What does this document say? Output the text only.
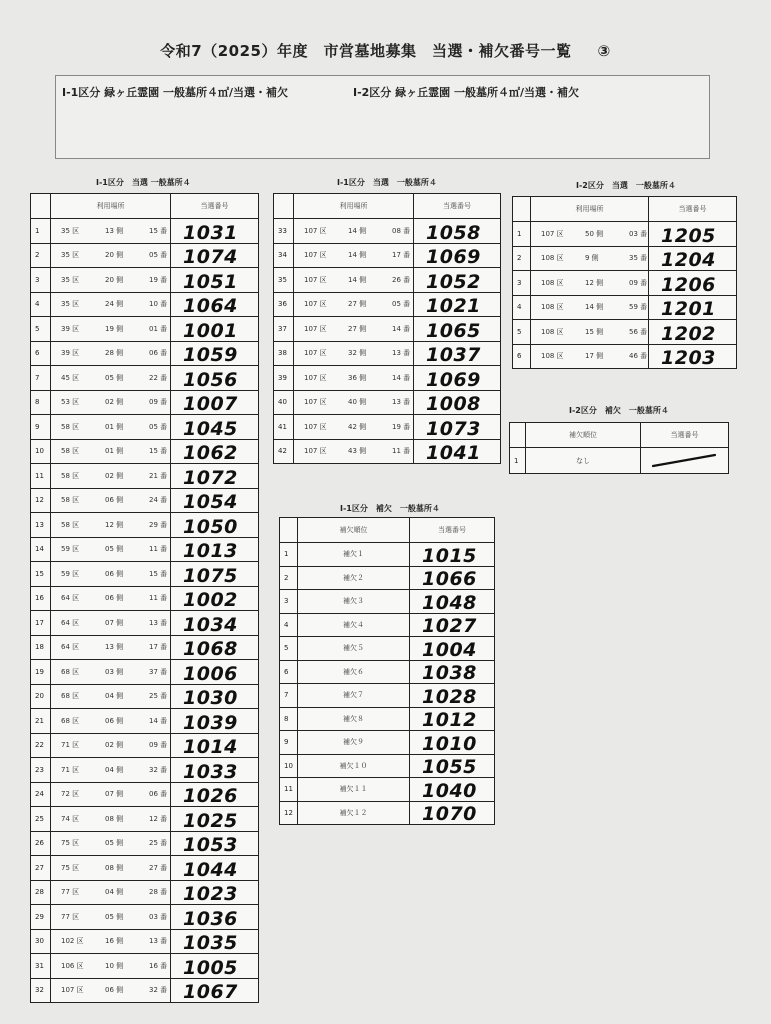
令和7（2025）年度　市営墓地募集　当選・補欠番号一覧 ③
I-1区分 緑ヶ丘霊園 一般墓所４㎡/当選・補欠	I-2区分 緑ヶ丘霊園 一般墓所４㎡/当選・補欠
I-1区分　当選 一般墓所４	I-1区分　当選　一般墓所４	I-2区分　当選　一般墓所４
I-2区分　補欠　一般墓所４
I-1区分　補欠　一般墓所４
	利用場所	当選番号
1	35 区 13 側 15 番	1031
2	35 区 20 側 05 番	1074
3	35 区 20 側 19 番	1051
4	35 区 24 側 10 番	1064
5	39 区 19 側 01 番	1001
6	39 区 28 側 06 番	1059
7	45 区 05 側 22 番	1056
8	53 区 02 側 09 番	1007
9	58 区 01 側 05 番	1045
10	58 区 01 側 15 番	1062
11	58 区 02 側 21 番	1072
12	58 区 06 側 24 番	1054
13	58 区 12 側 29 番	1050
14	59 区 05 側 11 番	1013
15	59 区 06 側 15 番	1075
16	64 区 06 側 11 番	1002
17	64 区 07 側 13 番	1034
18	64 区 13 側 17 番	1068
19	68 区 03 側 37 番	1006
20	68 区 04 側 25 番	1030
21	68 区 06 側 14 番	1039
22	71 区 02 側 09 番	1014
23	71 区 04 側 32 番	1033
24	72 区 07 側 06 番	1026
25	74 区 08 側 12 番	1025
26	75 区 05 側 25 番	1053
27	75 区 08 側 27 番	1044
28	77 区 04 側 28 番	1023
29	77 区 05 側 03 番	1036
30	102 区 16 側 13 番	1035
31	106 区 10 側 16 番	1005
32	107 区 06 側 32 番	1067
	利用場所	当選番号
33	107 区 14 側 08 番	1058
34	107 区 14 側 17 番	1069
35	107 区 14 側 26 番	1052
36	107 区 27 側 05 番	1021
37	107 区 27 側 14 番	1065
38	107 区 32 側 13 番	1037
39	107 区 36 側 14 番	1069
40	107 区 40 側 13 番	1008
41	107 区 42 側 19 番	1073
42	107 区 43 側 11 番	1041
	利用場所	当選番号
1	107 区 50 側 03 番	1205
2	108 区 9 側 35 番	1204
3	108 区 12 側 09 番	1206
4	108 区 14 側 59 番	1201
5	108 区 15 側 56 番	1202
6	108 区 17 側 46 番	1203
	補欠順位	当選番号
1	なし	
	補欠順位	当選番号
1	補欠１	1015
2	補欠２	1066
3	補欠３	1048
4	補欠４	1027
5	補欠５	1004
6	補欠６	1038
7	補欠７	1028
8	補欠８	1012
9	補欠９	1010
10	補欠１０	1055
11	補欠１１	1040
12	補欠１２	1070
